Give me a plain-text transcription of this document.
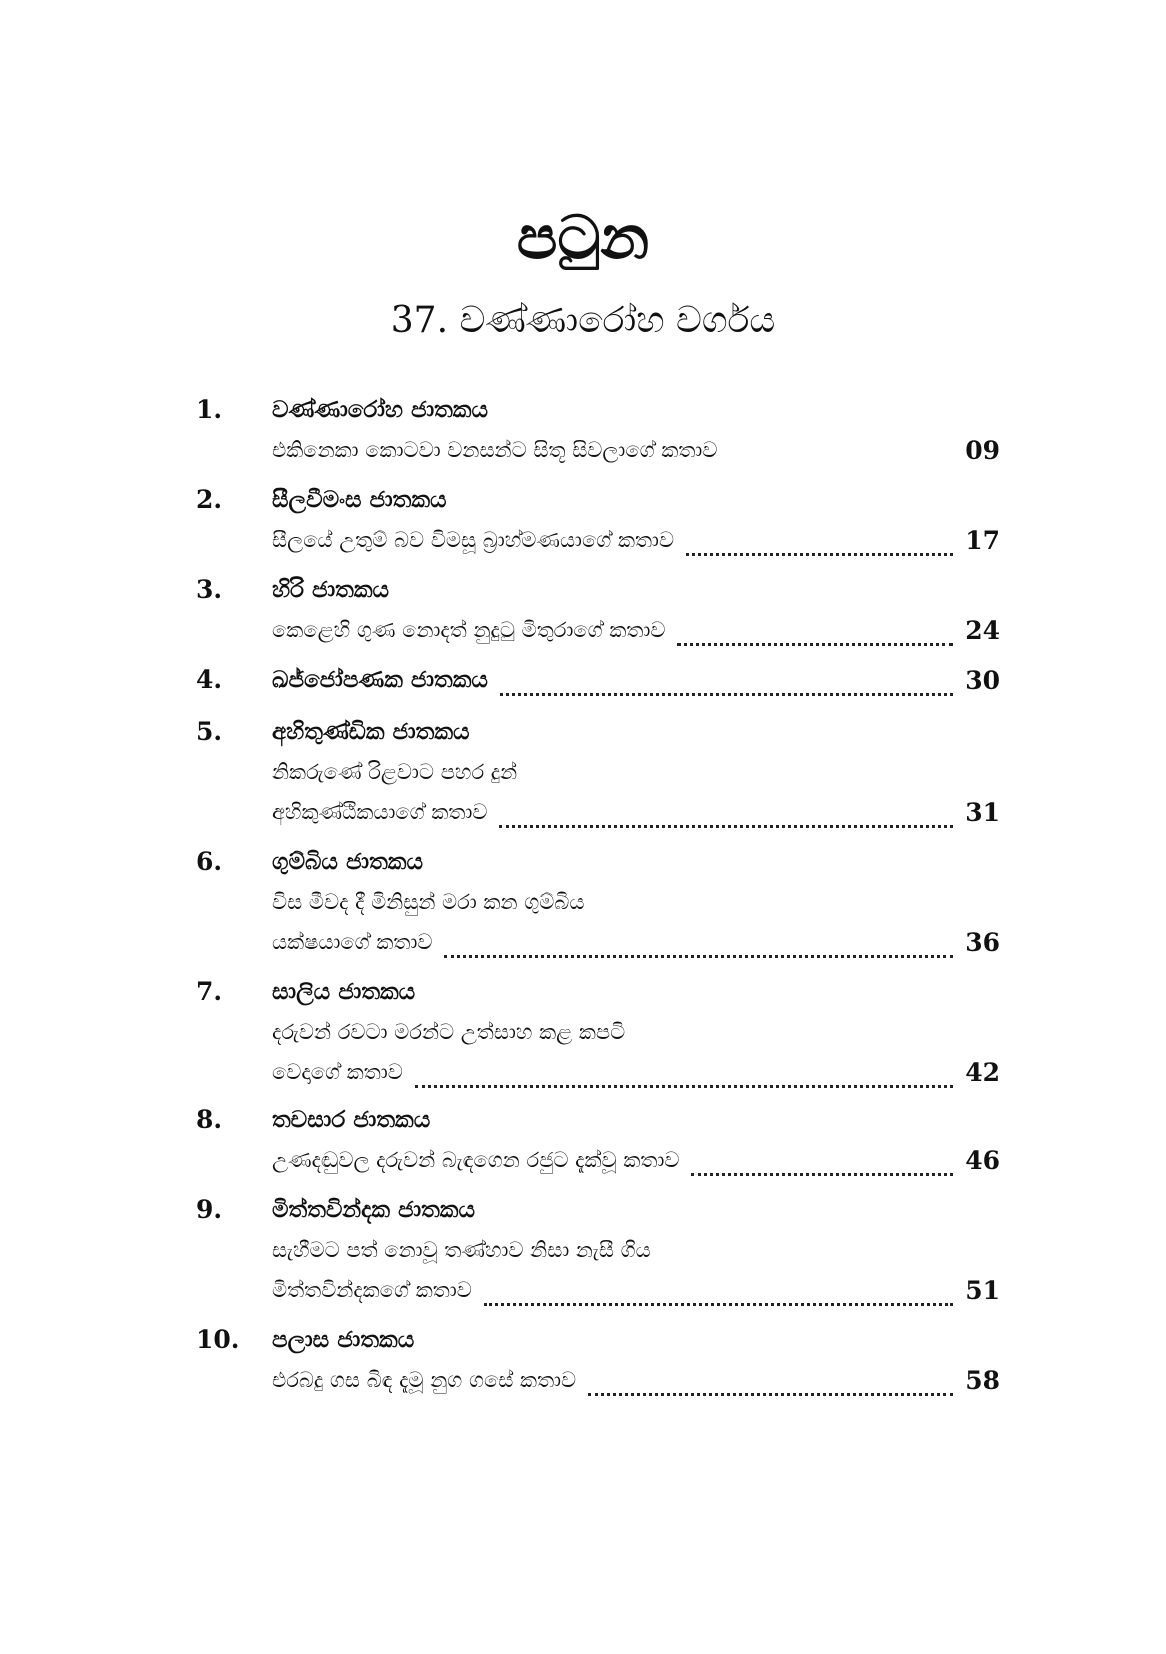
පටුන
37. වණ්ණාරෝහ වර්ගය
1. වණ්ණාරෝහ ජාතකය
එකිනෙකා කොටවා වනසන්ට සිතූ සිවලාගේ කතාව	09
2. සීලවීමංස ජාතකය
සීලයේ උතුම් බව විමසූ බ්‍රාහ්මණයාගේ කතාව	17
3. හිරි ජාතකය
කෙළෙහි ගුණ නොදත් නුදුටු මිතුරාගේ කතාව	24
4. ඛජ්ජෝපණක ජාතකය	30
5. අහිතුණ්ඩික ජාතකය
නිකරුණේ රිළවාට පහර දුන්
අහිකුණ්ඨිකයාගේ කතාව	31
6. ගුම්බිය ජාතකය
විස මීවද දී මිනිසුන් මරා කන ගුම්බිය
යක්ෂයාගේ කතාව	36
7. සාලිය ජාතකය
දරුවන් රවටා මරන්ට උත්සාහ කළ කපටි
වෙදාගේ කතාව	42
8. තචසාර ජාතකය
උණදඬුවල දරුවන් බැඳගෙන රජුට දැක්වූ කතාව	46
9. මිත්තවින්දක ජාතකය
සැහීමට පත් නොවූ තණ්හාව නිසා නැසී ගිය
මිත්තවින්දකගේ කතාව	51
10. පලාස ජාතකය
එරබදු ගස බිඳ දැමූ නුග ගසේ කතාව	58
